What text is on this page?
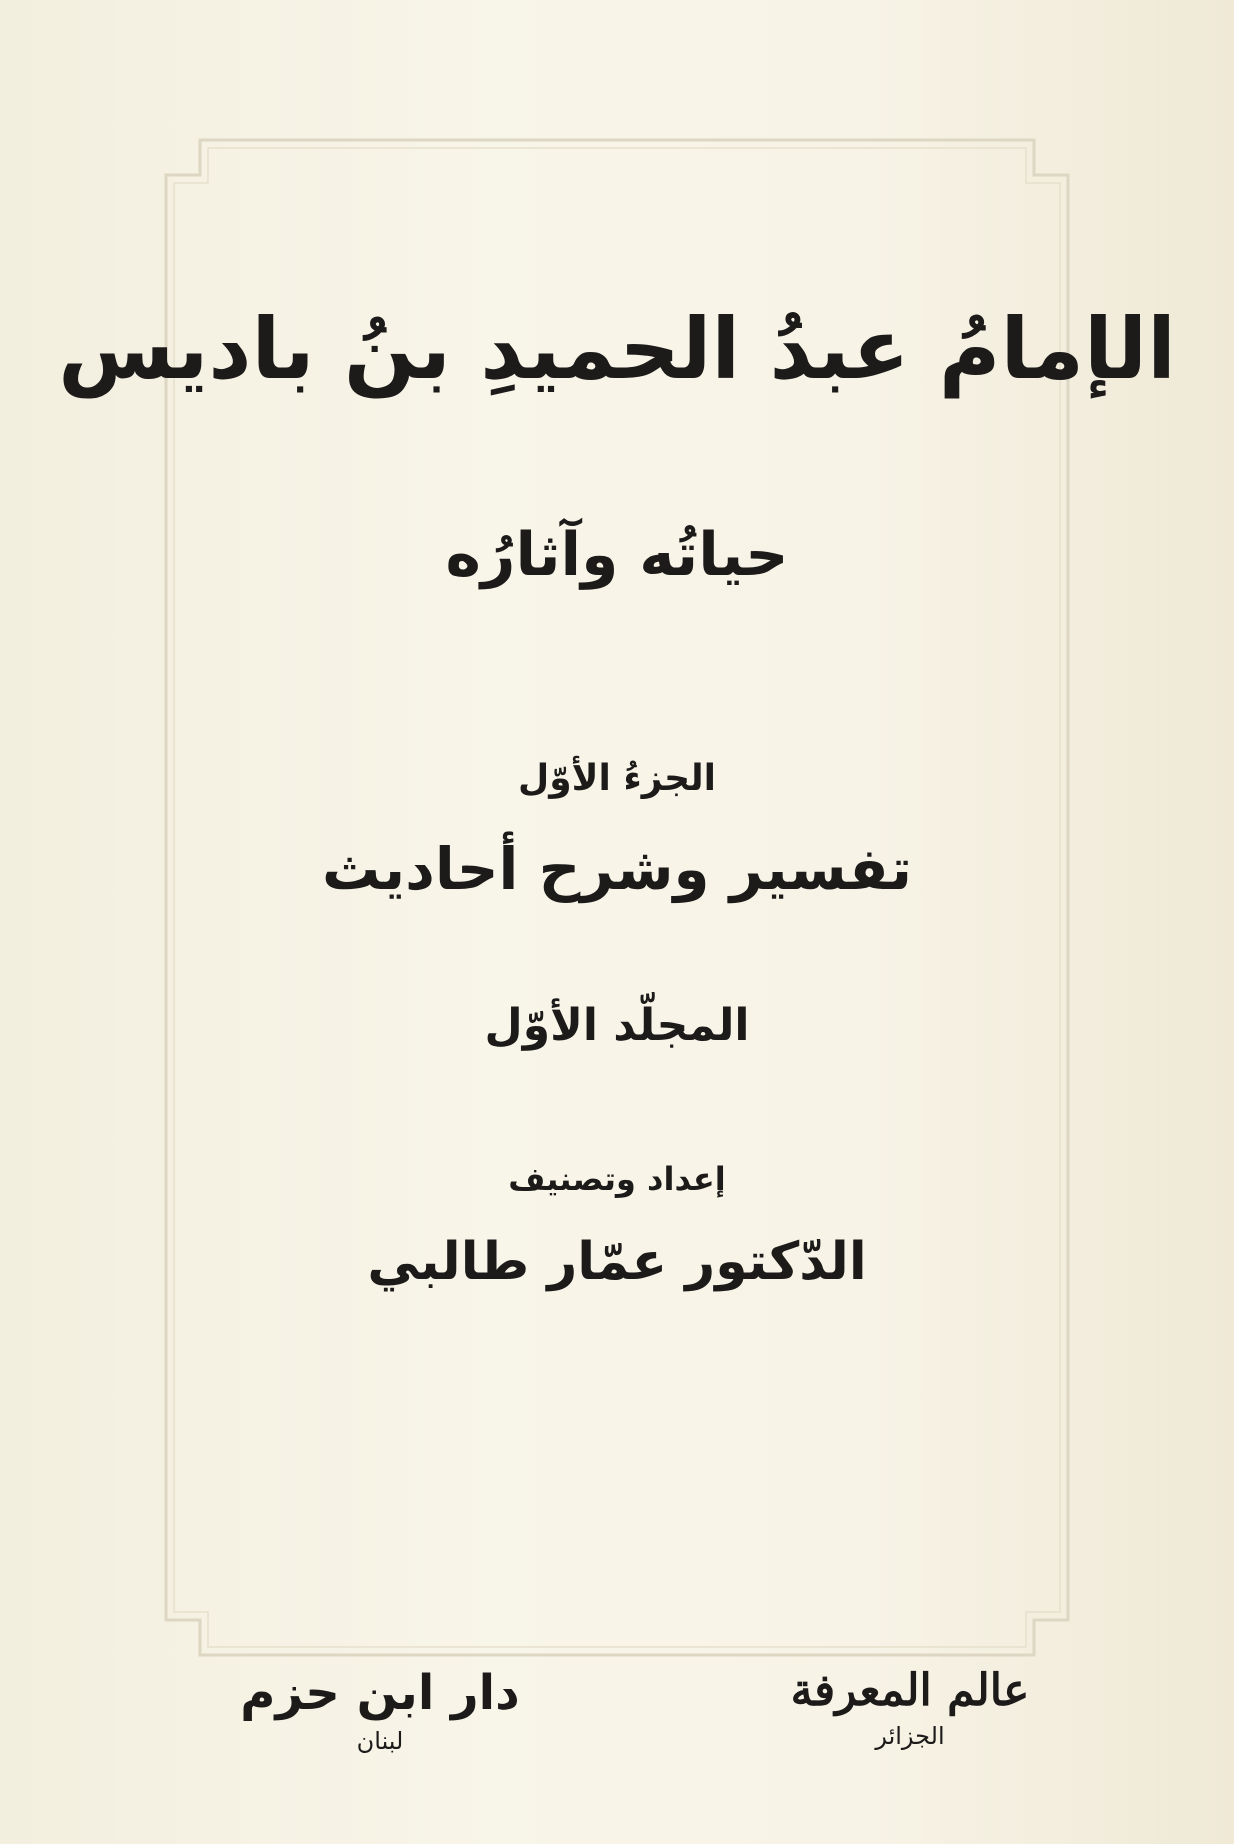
الإمامُ عبدُ الحميدِ بنُ باديس
حياتُه وآثارُه
الجزءُ الأوّل
تفسير وشرح أحاديث
المجلّد الأوّل
إعداد وتصنيف
الدّكتور عمّار طالبي
دار ابن حزم
لبنان
عالم المعرفة
الجزائر
